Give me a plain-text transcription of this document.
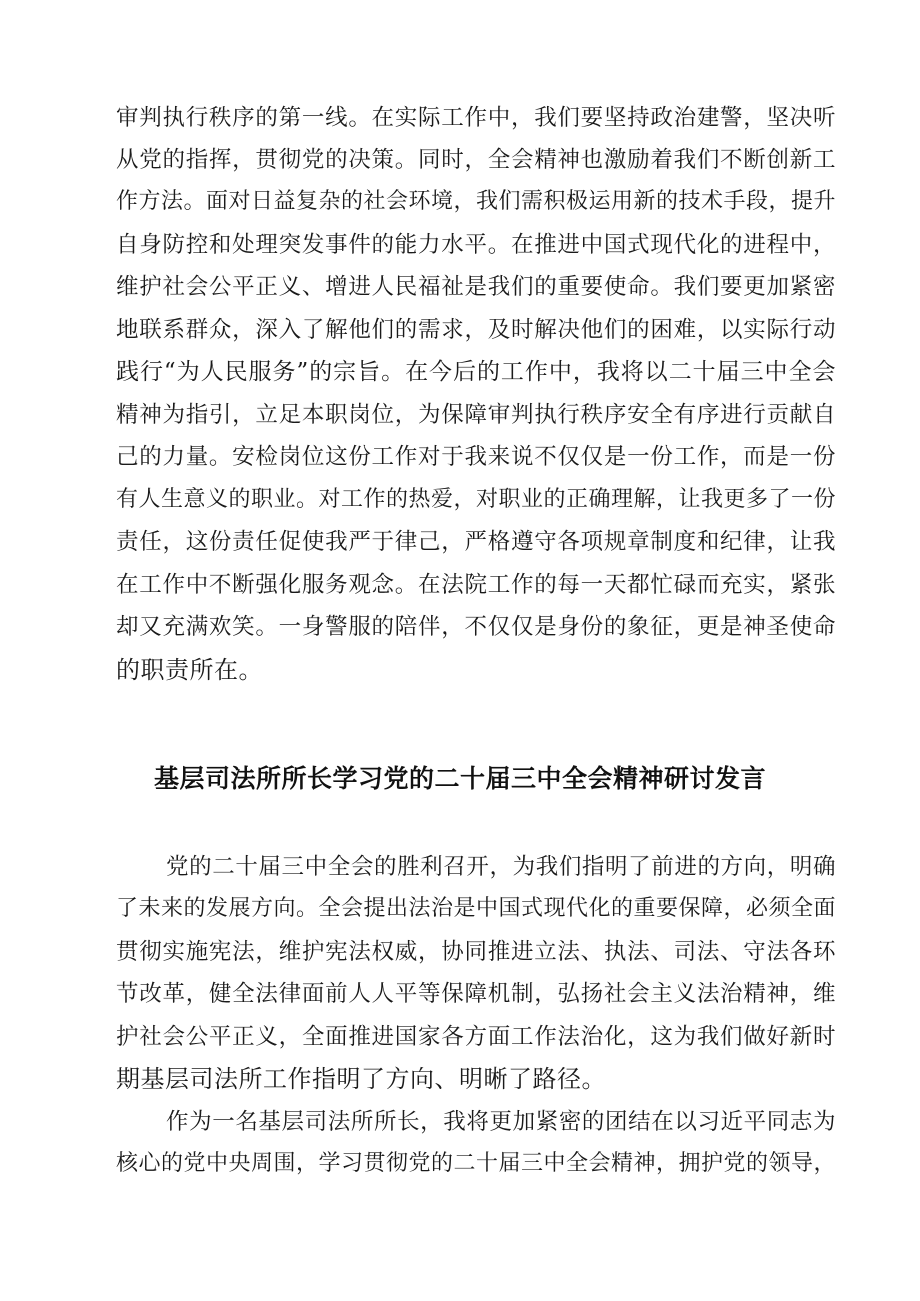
审判执行秩序的第一线。在实际工作中，我们要坚持政治建警，坚决听
从党的指挥，贯彻党的决策。同时，全会精神也激励着我们不断创新工
作方法。面对日益复杂的社会环境，我们需积极运用新的技术手段，提升
自身防控和处理突发事件的能力水平。在推进中国式现代化的进程中，
维护社会公平正义、增进人民福祉是我们的重要使命。我们要更加紧密
地联系群众，深入了解他们的需求，及时解决他们的困难，以实际行动
践行“为人民服务”的宗旨。在今后的工作中，我将以二十届三中全会
精神为指引，立足本职岗位，为保障审判执行秩序安全有序进行贡献自
己的力量。安检岗位这份工作对于我来说不仅仅是一份工作，而是一份
有人生意义的职业。对工作的热爱，对职业的正确理解，让我更多了一份
责任，这份责任促使我严于律己，严格遵守各项规章制度和纪律，让我
在工作中不断强化服务观念。在法院工作的每一天都忙碌而充实，紧张
却又充满欢笑。一身警服的陪伴，不仅仅是身份的象征，更是神圣使命
的职责所在。
基层司法所所长学习党的二十届三中全会精神研讨发言
党的二十届三中全会的胜利召开，为我们指明了前进的方向，明确
了未来的发展方向。全会提出法治是中国式现代化的重要保障，必须全面
贯彻实施宪法，维护宪法权威，协同推进立法、执法、司法、守法各环
节改革，健全法律面前人人平等保障机制，弘扬社会主义法治精神，维
护社会公平正义，全面推进国家各方面工作法治化，这为我们做好新时
期基层司法所工作指明了方向、明晰了路径。
作为一名基层司法所所长，我将更加紧密的团结在以习近平同志为
核心的党中央周围，学习贯彻党的二十届三中全会精神，拥护党的领导，
